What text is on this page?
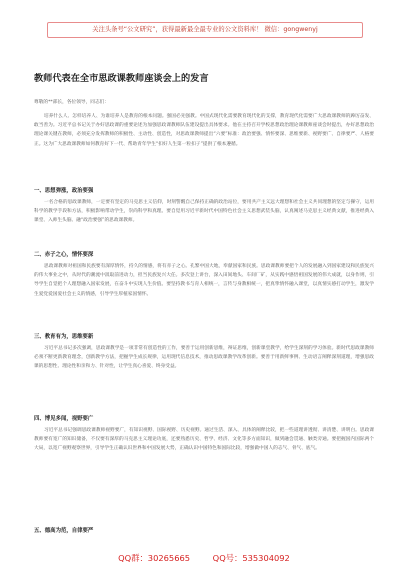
关注头条号“公文研究”，获得最新最全最专业的公文资料库！ 微信：gongwenyj
教师代表在全市思政课教师座谈会上的发言
尊敬的**部长，各位领导，同志们：
培养什么人、怎样培养人、为谁培养人是教育的根本问题。强国必先强教。中国式现代化需要教育现代化的支撑，教育现代化需要广大思政课教师的踔厉奋发、敢当善为。习近平总书记关于办好思政课的重要论述为加强思政课教师队伍建设提出具体要求。他在主持召开学校思想政治理论课教师座谈会时提出，办好思想政治理论课关键在教师，必须充分发挥教师的积极性、主动性、创造性，对思政课教师提出“六要”标准：政治要强、情怀要深、思维要新、视野要广、自律要严、人格要正。这为广大思政课教师如何教育好下一代、帮助青年学生“扣好人生第一粒扣子”提供了根本遵循。
一、思想弹涨，政治要强
一名合格的思政课教师，一定要有坚定的马克思主义信仰，时刻警醒自己保持正确的政治站位，要用共产主义远大理想和社会主义共同理想的坚定与操守，运用科学的教学手段和方法，积极影响带动学生，崇尚科学和真理。要自觉用习近平新时代中国特色社会主义思想武装头脑，认真阐述马克思主义经典文献，推进经典入课堂、入师生头脑、融“政治要强”的思政课教师。
二、赤子之心，情怀要深
思政课教师对祖国和民族要有深厚情怀，持久的情感，将有赤子之心。孔繁中国大地，奉献国家和民族。思政课教师要把个人的发展融入到国家建设和民族复兴的伟大事业之中，从时代的潮流中汲取前进动力，担当民族复兴大任。多次登上讲台，深入田间地头、车间厂矿，从实践中感悟祖国发展的伟大成就，以身作则，引导学生自觉把个人理想融入国家发展，在奋斗中实现人生价值。要坚持教书与育人相统一，言传与身教相统一，把真挚情怀融入课堂，以真情实感打动学生，激发学生爱党爱国爱社会主义的情感，引导学生厚植家国情怀。
三、教育有为，思维要新
习近平总书记多次强调，思政课教学是一项非常有创造性的工作，要善于运用创新思维，辩证思维，创新课堂教学，给学生深刻的学习体验。新时代思政课教师必须不断更新教育理念，创新教学方法，把握学生成长规律，运用现代信息技术，推动思政课教学改革创新。要善于用新鲜事例、生动语言阐释深刻道理，增强思政课的思想性、理论性和亲和力、针对性，让学生真心喜爱、终身受益。
四、博见多闻，视野要广
习近平总书记强调思政课教师视野要广，有知识视野、国际视野、历史视野。通过生活、深入、具体的阐释比较，把一些道理讲透彻、讲清楚、讲明白。思政课教师要有宽广的知识储备，不仅要有深厚的马克思主义理论功底，还要熟悉历史、哲学、经济、文化等多方面知识，做到融会贯通、触类旁通。要把握国内国际两个大局，以宽广视野观察世界，引导学生正确认识世界和中国发展大势，正确认识中国特色和国际比较，增强做中国人的志气、骨气、底气。
五、德高为范，自律要严
QQ群：30265665	QQ号：535304092
